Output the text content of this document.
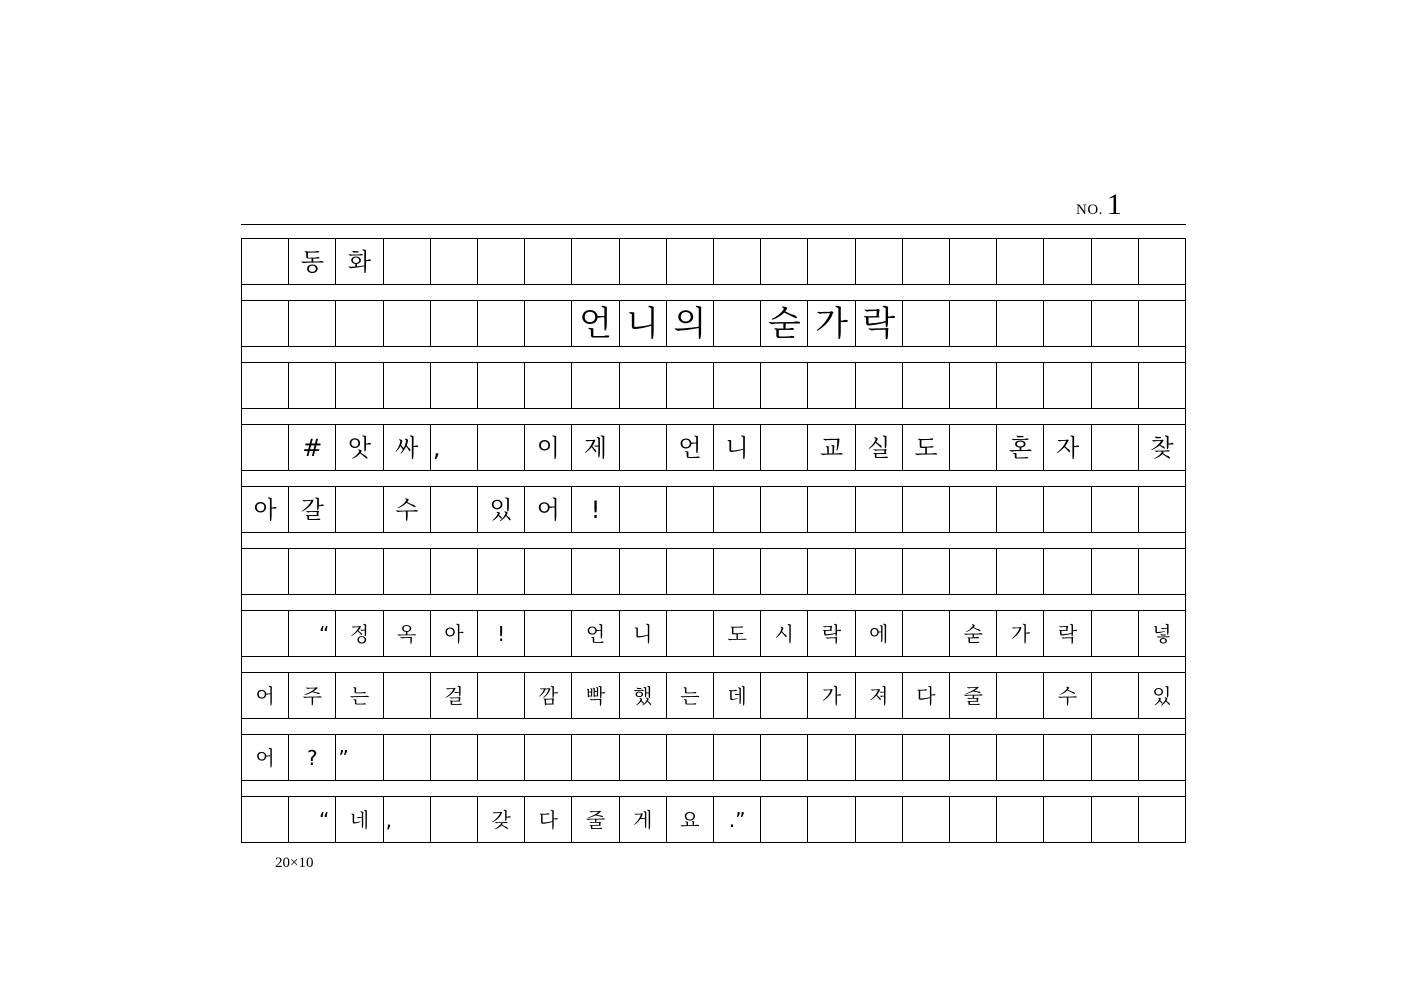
NO. 1
동	화
언 니 의 숟 가 락
#	앗	싸 ,	이	제	언	니	교	실	도	혼	자	찾
아	갈	수	있	어	!
“	정	옥	아	!	언	니	도	시	락	에	숟	가	락	넣
어	주	는	걸	깜	빡	했	는	데	가	져	다	줄	수	있
어	?	”
“	네 ,	갖	다	줄	게	요	.”
20×10
